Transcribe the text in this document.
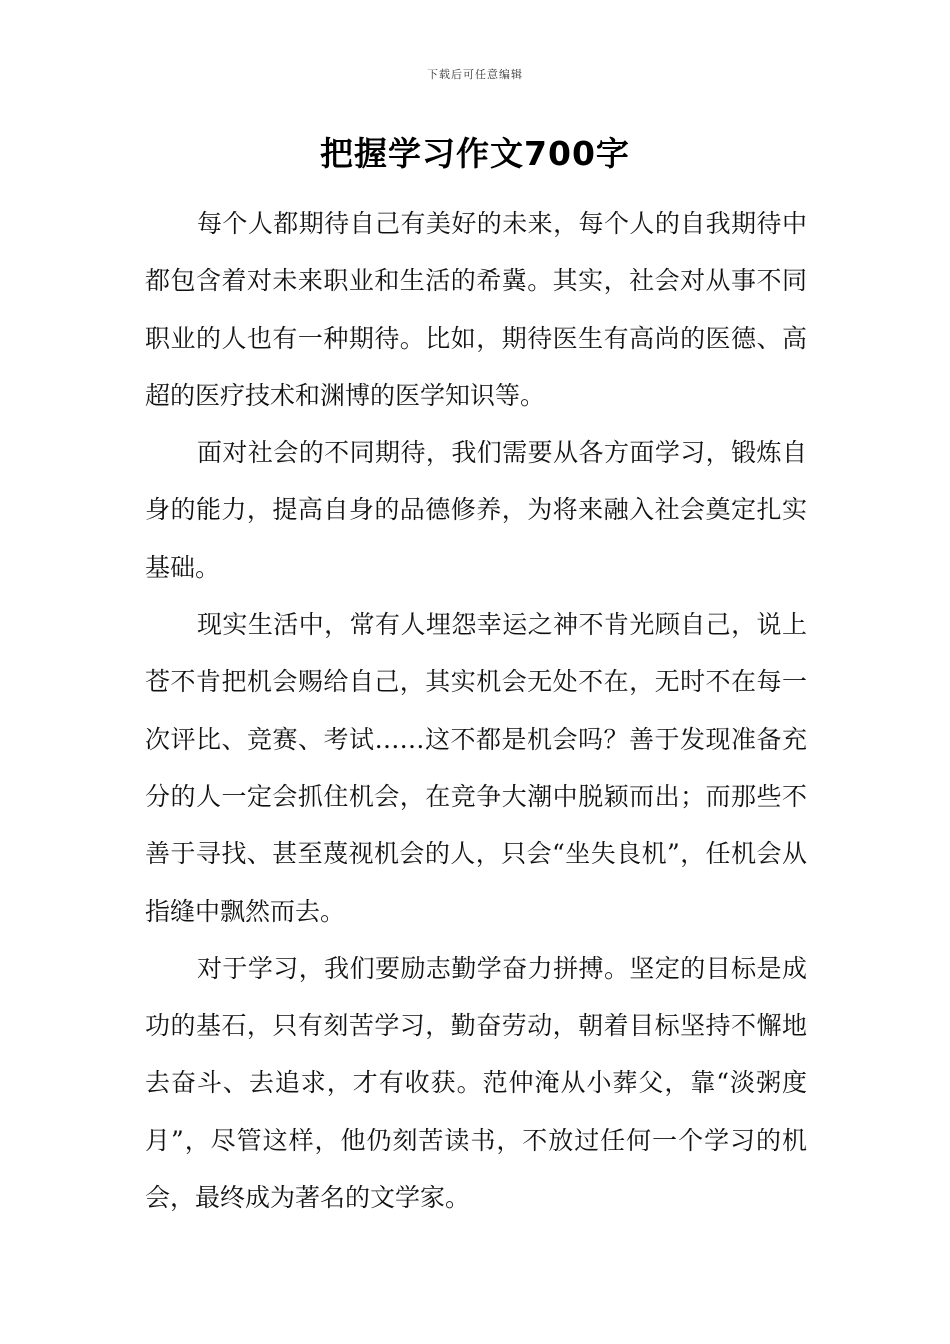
下载后可任意编辑
把握学习作文700字

每个人都期待自己有美好的未来，每个人的自我期待中都包含着对未来职业和生活的希冀。其实，社会对从事不同职业的人也有一种期待。比如，期待医生有高尚的医德、高超的医疗技术和渊博的医学知识等。

面对社会的不同期待，我们需要从各方面学习，锻炼自身的能力，提高自身的品德修养，为将来融入社会奠定扎实基础。

现实生活中，常有人埋怨幸运之神不肯光顾自己，说上苍不肯把机会赐给自己，其实机会无处不在，无时不在每一次评比、竞赛、考试……这不都是机会吗？善于发现准备充分的人一定会抓住机会，在竞争大潮中脱颖而出；而那些不善于寻找、甚至蔑视机会的人，只会“坐失良机”，任机会从指缝中飘然而去。

对于学习，我们要励志勤学奋力拼搏。坚定的目标是成功的基石，只有刻苦学习，勤奋劳动，朝着目标坚持不懈地去奋斗、去追求，才有收获。范仲淹从小葬父，靠“淡粥度月”，尽管这样，他仍刻苦读书，不放过任何一个学习的机会，最终成为著名的文学家。
